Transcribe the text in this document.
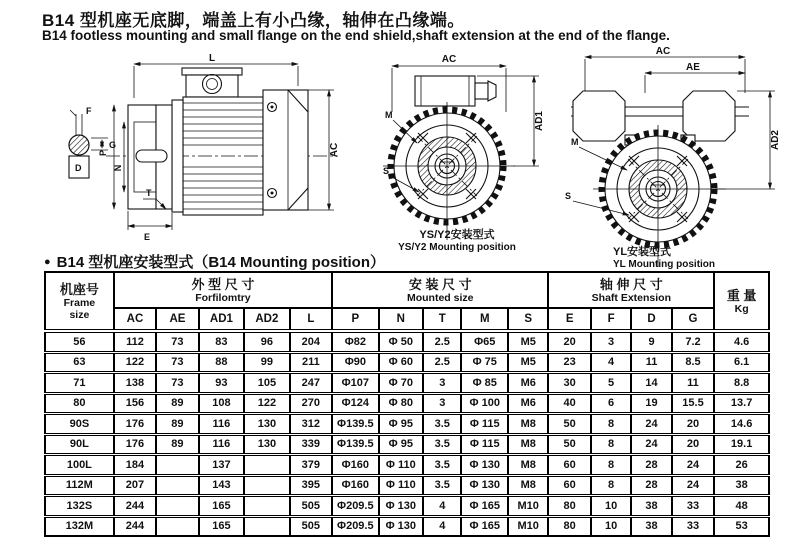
B14 型机座无底脚，端盖上有小凸缘，轴伸在凸缘端。
B14 footless mounting and small flange on the end shield,shaft extension at the end of the flange.
F
G
D
L
P
N
AC
T
E
AC
AD1
M
S
YS/Y2安装型式
YS/Y2 Mounting position
AC
AE
AD2
M
S
YL安装型式
YL Mounting position
● B14 型机座安装型式（B14 Mounting position）
机座号
Frame
size

外 型 尺 寸
Forfilomtry

安 装 尺 寸
Mounted size

轴 伸 尺 寸
Shaft Extension	重 量
Kg

	AC	AE	AD1	AD2	L	P	N	T	M	S	E	F	D	G	
56	112	73	83	96	204	Φ82	Φ 50	2.5	Φ65	M5	20	3	9	7.2	4.6
63	122	73	88	99	211	Φ90	Φ 60	2.5	Φ 75	M5	23	4	11	8.5	6.1
71	138	73	93	105	247	Φ107	Φ 70	3	Φ 85	M6	30	5	14	11	8.8
80	156	89	108	122	270	Φ124	Φ 80	3	Φ 100	M6	40	6	19	15.5	13.7
90S	176	89	116	130	312	Φ139.5	Φ 95	3.5	Φ 115	M8	50	8	24	20	14.6
90L	176	89	116	130	339	Φ139.5	Φ 95	3.5	Φ 115	M8	50	8	24	20	19.1
100L	184		137		379	Φ160	Φ 110	3.5	Φ 130	M8	60	8	28	24	26
112M	207		143		395	Φ160	Φ 110	3.5	Φ 130	M8	60	8	28	24	38
132S	244		165		505	Φ209.5	Φ 130	4	Φ 165	M10	80	10	38	33	48
132M	244		165		505	Φ209.5	Φ 130	4	Φ 165	M10	80	10	38	33	53
